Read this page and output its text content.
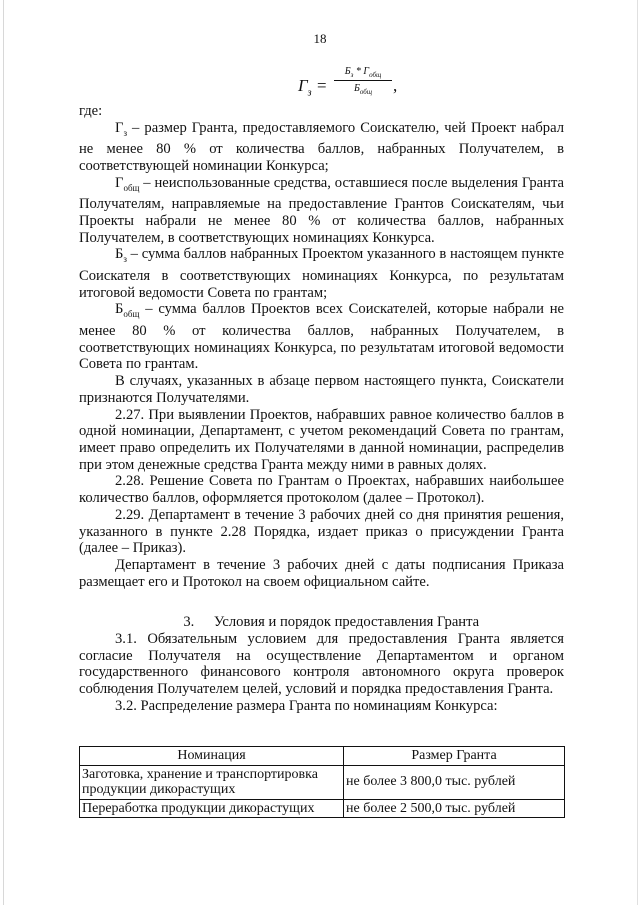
18
$Г_з$ =
$Б_з * Г_{общ}$
$Б_{общ}$	,

где:

$Г_з$ – размер Гранта, предоставляемого Соискателю, чей Проект набрал не менее 80 % от количества баллов, набранных Получателем, в соответствующей номинации Конкурса;

$Г_{общ}$ – неиспользованные средства, оставшиеся после выделения Гранта Получателям, направляемые на предоставление Грантов Соискателям, чьи Проекты набрали не менее 80 % от количества баллов, набранных Получателем, в соответствующих номинациях Конкурса.

$Б_з$ – сумма баллов набранных Проектом указанного в настоящем пункте Соискателя в соответствующих номинациях Конкурса, по результатам итоговой ведомости Совета по грантам;

$Б_{общ}$ – сумма баллов Проектов всех Соискателей, которые набрали не менее 80 % от количества баллов, набранных Получателем, в соответствующих номинациях Конкурса, по результатам итоговой ведомости Совета по грантам.

В случаях, указанных в абзаце первом настоящего пункта, Соискатели признаются Получателями.

2.27. При выявлении Проектов, набравших равное количество баллов в одной номинации, Департамент, с учетом рекомендаций Совета по грантам, имеет право определить их Получателями в данной номинации, распределив при этом денежные средства Гранта между ними в равных долях.

2.28. Решение Совета по Грантам о Проектах, набравших наибольшее количество баллов, оформляется протоколом (далее – Протокол).

2.29. Департамент в течение 3 рабочих дней со дня принятия решения, указанного в пункте 2.28 Порядка, издает приказ о присуждении Гранта (далее – Приказ).

Департамент в течение 3 рабочих дней с даты подписания Приказа размещает его и Протокол на своем официальном сайте.

3. Условия и порядок предоставления Гранта

3.1. Обязательным условием для предоставления Гранта является согласие Получателя на осуществление Департаментом и органом государственного финансового контроля автономного округа проверок соблюдения Получателем целей, условий и порядка предоставления Гранта.

3.2. Распределение размера Гранта по номинациям Конкурса:

Номинация	Размер Гранта
Заготовка, хранение и транспортировка продукции дикорастущих	не более 3 800,0 тыс. рублей
Переработка продукции дикорастущих	не более 2 500,0 тыс. рублей
